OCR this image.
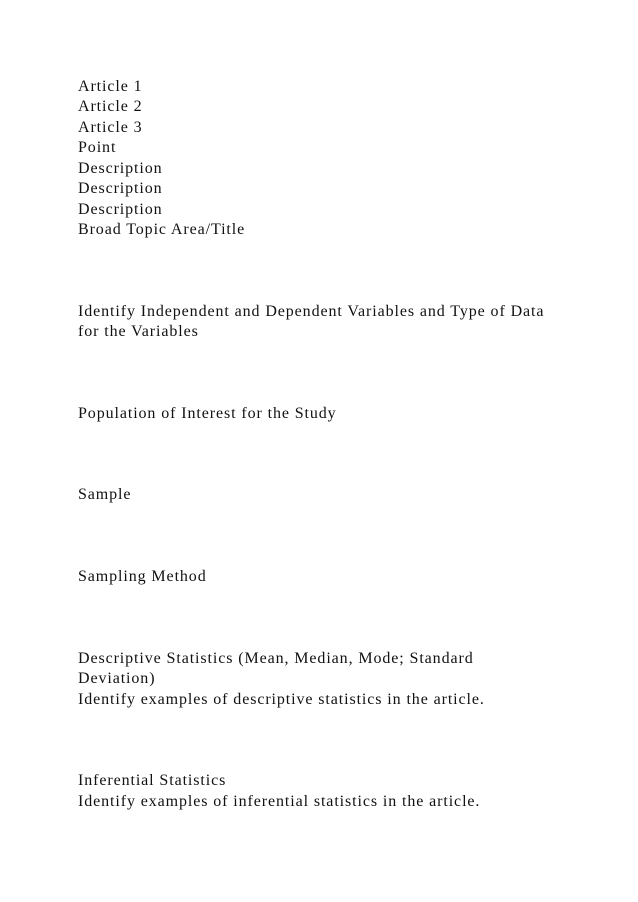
Article 1
Article 2
Article 3
Point
Description
Description
Description
Broad Topic Area/Title
Identify Independent and Dependent Variables and Type of Data
for the Variables
Population of Interest for the Study
Sample
Sampling Method
Descriptive Statistics (Mean, Median, Mode; Standard
Deviation)
Identify examples of descriptive statistics in the article.
Inferential Statistics
Identify examples of inferential statistics in the article.
